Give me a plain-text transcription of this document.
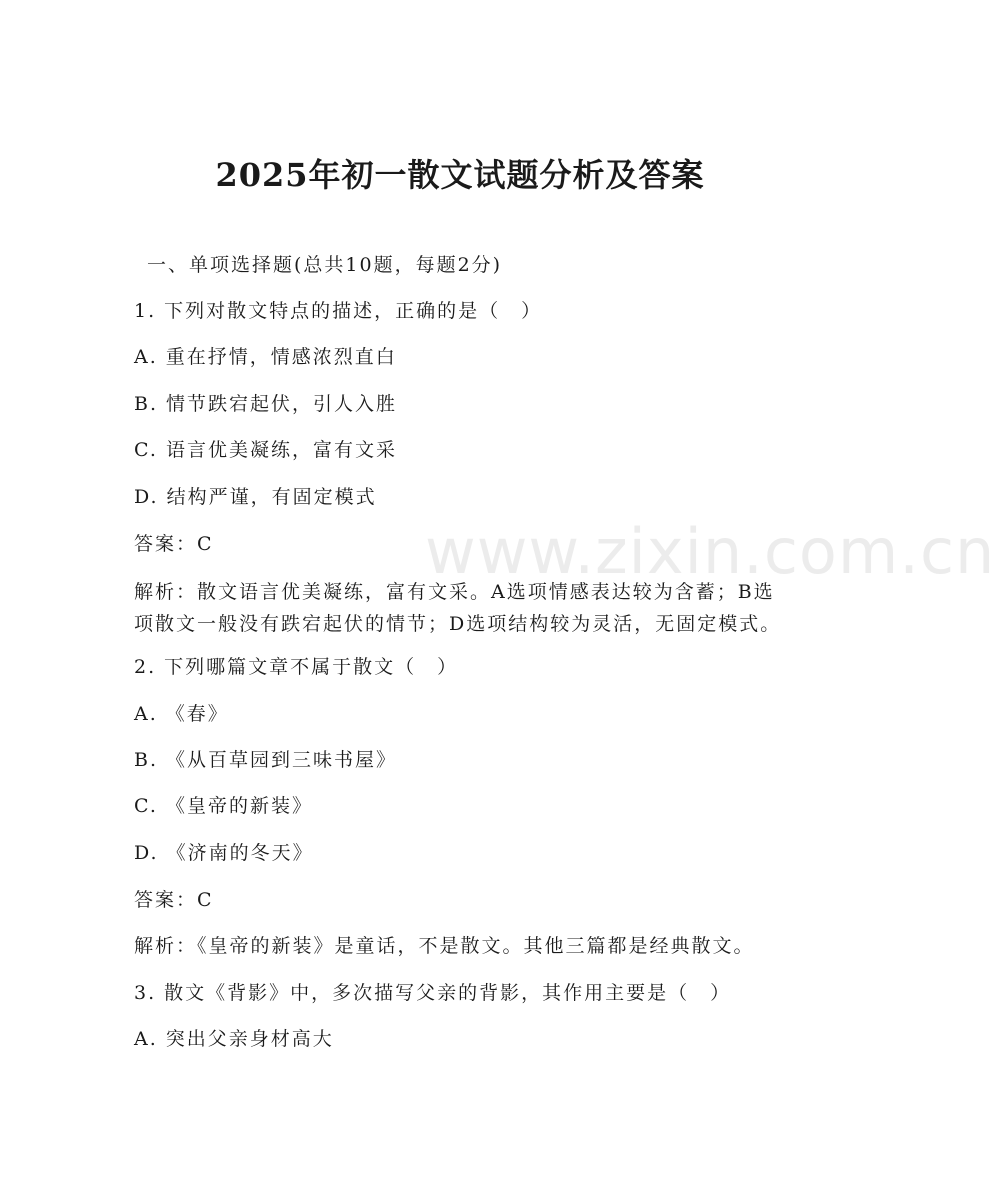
www.zixin.com.cn
2025年初一散文试题分析及答案
一、单项选择题(总共10题，每题2分)
1. 下列对散文特点的描述，正确的是（　）
A. 重在抒情，情感浓烈直白
B. 情节跌宕起伏，引人入胜
C. 语言优美凝练，富有文采
D. 结构严谨，有固定模式
答案：C
解析：散文语言优美凝练，富有文采。A选项情感表达较为含蓄；B选项散文一般没有跌宕起伏的情节；D选项结构较为灵活，无固定模式。
2. 下列哪篇文章不属于散文（　）
A. 《春》
B. 《从百草园到三味书屋》
C. 《皇帝的新装》
D. 《济南的冬天》
答案：C
解析：《皇帝的新装》是童话，不是散文。其他三篇都是经典散文。
3. 散文《背影》中，多次描写父亲的背影，其作用主要是（　）
A. 突出父亲身材高大
